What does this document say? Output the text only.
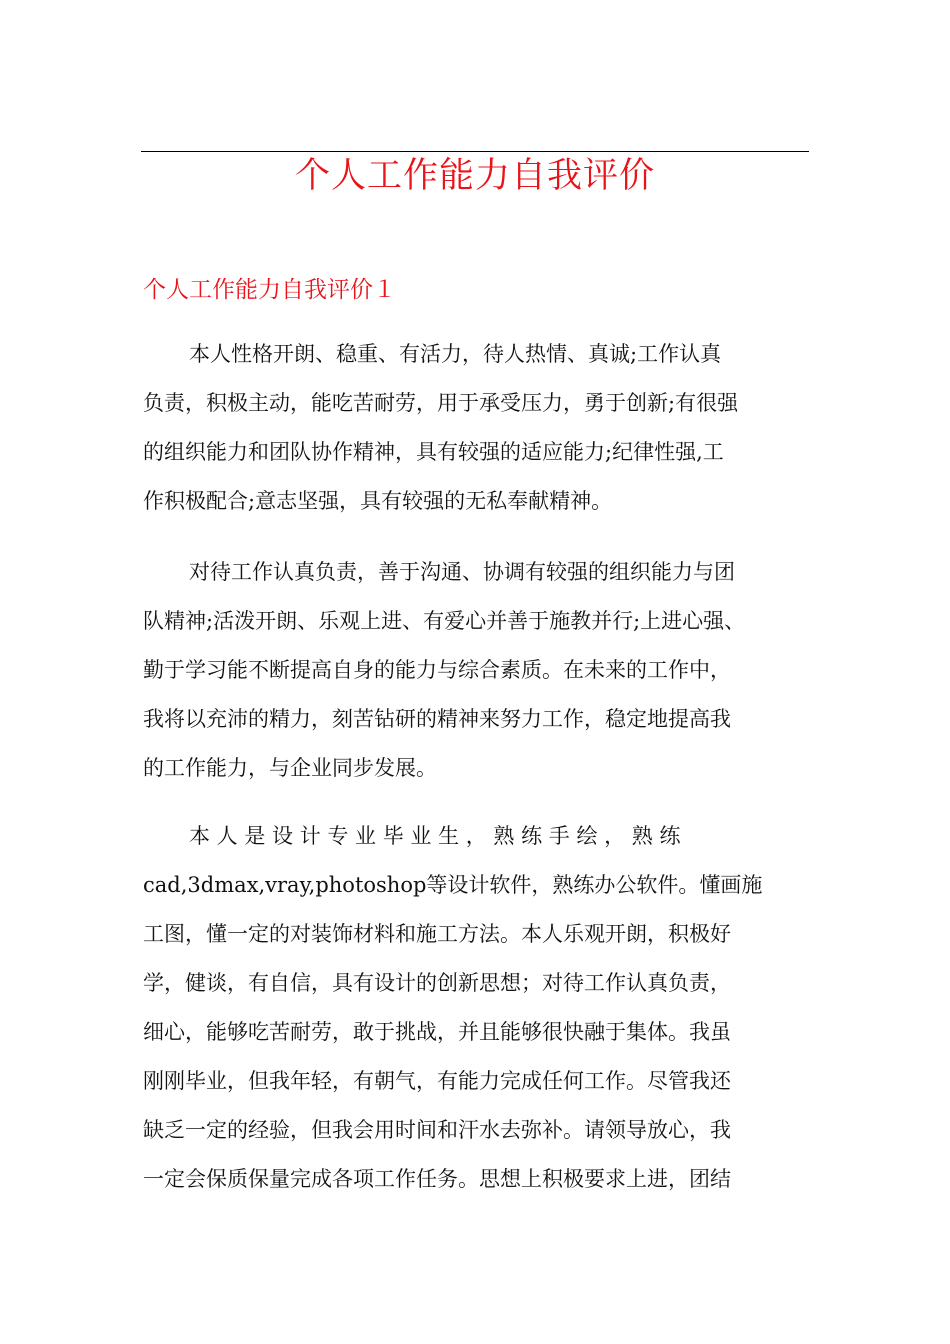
个人工作能力自我评价
个人工作能力自我评价１
本人性格开朗、稳重、有活力，待人热情、真诚;工作认真
负责，积极主动，能吃苦耐劳，用于承受压力，勇于创新;有很强
的组织能力和团队协作精神，具有较强的适应能力;纪律性强,工
作积极配合;意志坚强，具有较强的无私奉献精神。
对待工作认真负责，善于沟通、协调有较强的组织能力与团
队精神;活泼开朗、乐观上进、有爱心并善于施教并行;上进心强、
勤于学习能不断提高自身的能力与综合素质。在未来的工作中，
我将以充沛的精力，刻苦钻研的精神来努力工作，稳定地提高我
的工作能力，与企业同步发展。
本 人 是 设 计 专 业 毕 业 生 ， 熟 练 手 绘 ， 熟 练
cad,3dmax,vray,photoshop等设计软件，熟练办公软件。懂画施
工图，懂一定的对装饰材料和施工方法。本人乐观开朗，积极好
学，健谈，有自信，具有设计的创新思想；对待工作认真负责，
细心，能够吃苦耐劳，敢于挑战，并且能够很快融于集体。我虽
刚刚毕业，但我年轻，有朝气，有能力完成任何工作。尽管我还
缺乏一定的经验，但我会用时间和汗水去弥补。请领导放心，我
一定会保质保量完成各项工作任务。思想上积极要求上进，团结
